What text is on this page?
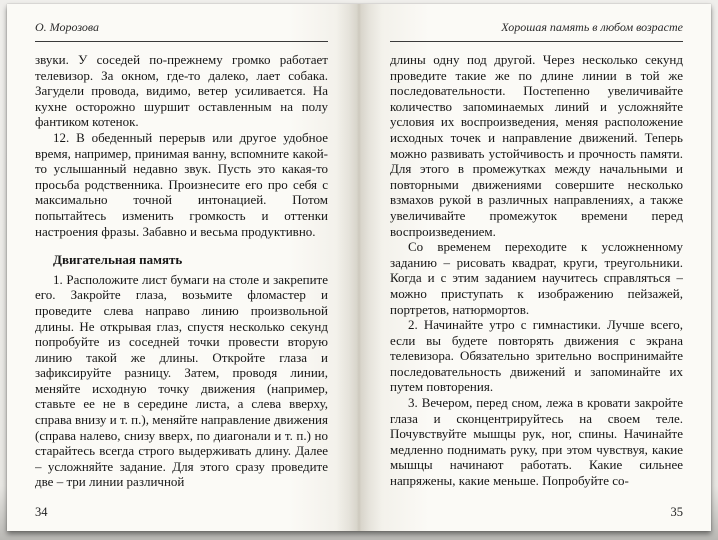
О. Морозова

звуки. У соседей по-прежнему громко работает телевизор. За окном, где-то далеко, лает собака. Загудели провода, видимо, ветер усиливается. На кухне осторожно шуршит оставленным на полу фантиком котенок.

12. В обеденный перерыв или другое удобное время, например, принимая ванну, вспомните какой-то услышанный недавно звук. Пусть это какая-то просьба родственника. Произнесите его про себя с максимально точной интонацией. Потом попытайтесь изменить громкость и оттенки настроения фразы. Забавно и весьма продуктивно.

Двигательная память

1. Расположите лист бумаги на столе и закрепите его. Закройте глаза, возьмите фломастер и проведите слева направо линию произвольной длины. Не открывая глаз, спустя несколько секунд попробуйте из соседней точки провести вторую линию такой же длины. Откройте глаза и зафиксируйте разницу. Затем, проводя линии, меняйте исходную точку движения (например, ставьте ее не в середине листа, а слева вверху, справа внизу и т. п.), меняйте направление движения (справа налево, снизу вверх, по диагонали и т. п.) но старайтесь всегда строго выдерживать длину. Далее – усложняйте задание. Для этого сразу проведите две – три линии различной

34
Хорошая память в любом возрасте

длины одну под другой. Через несколько секунд проведите такие же по длине линии в той же последовательности. Постепенно увеличивайте количество запоминаемых линий и усложняйте условия их воспроизведения, меняя расположение исходных точек и направление движений. Теперь можно развивать устойчивость и прочность памяти. Для этого в промежутках между начальными и повторными движениями совершите несколько взмахов рукой в различных направлениях, а также увеличивайте промежуток времени перед воспроизведением.

Со временем переходите к усложненному заданию – рисовать квадрат, круги, треугольники. Когда и с этим заданием научитесь справляться – можно приступать к изображению пейзажей, портретов, натюрмортов.

2. Начинайте утро с гимнастики. Лучше всего, если вы будете повторять движения с экрана телевизора. Обязательно зрительно воспринимайте последовательность движений и запоминайте их путем повторения.

3. Вечером, перед сном, лежа в кровати закройте глаза и сконцентрируйтесь на своем теле. Почувствуйте мышцы рук, ног, спины. Начинайте медленно поднимать руку, при этом чувствуя, какие мышцы начинают работать. Какие сильнее напряжены, какие меньше. Попробуйте со-

35
